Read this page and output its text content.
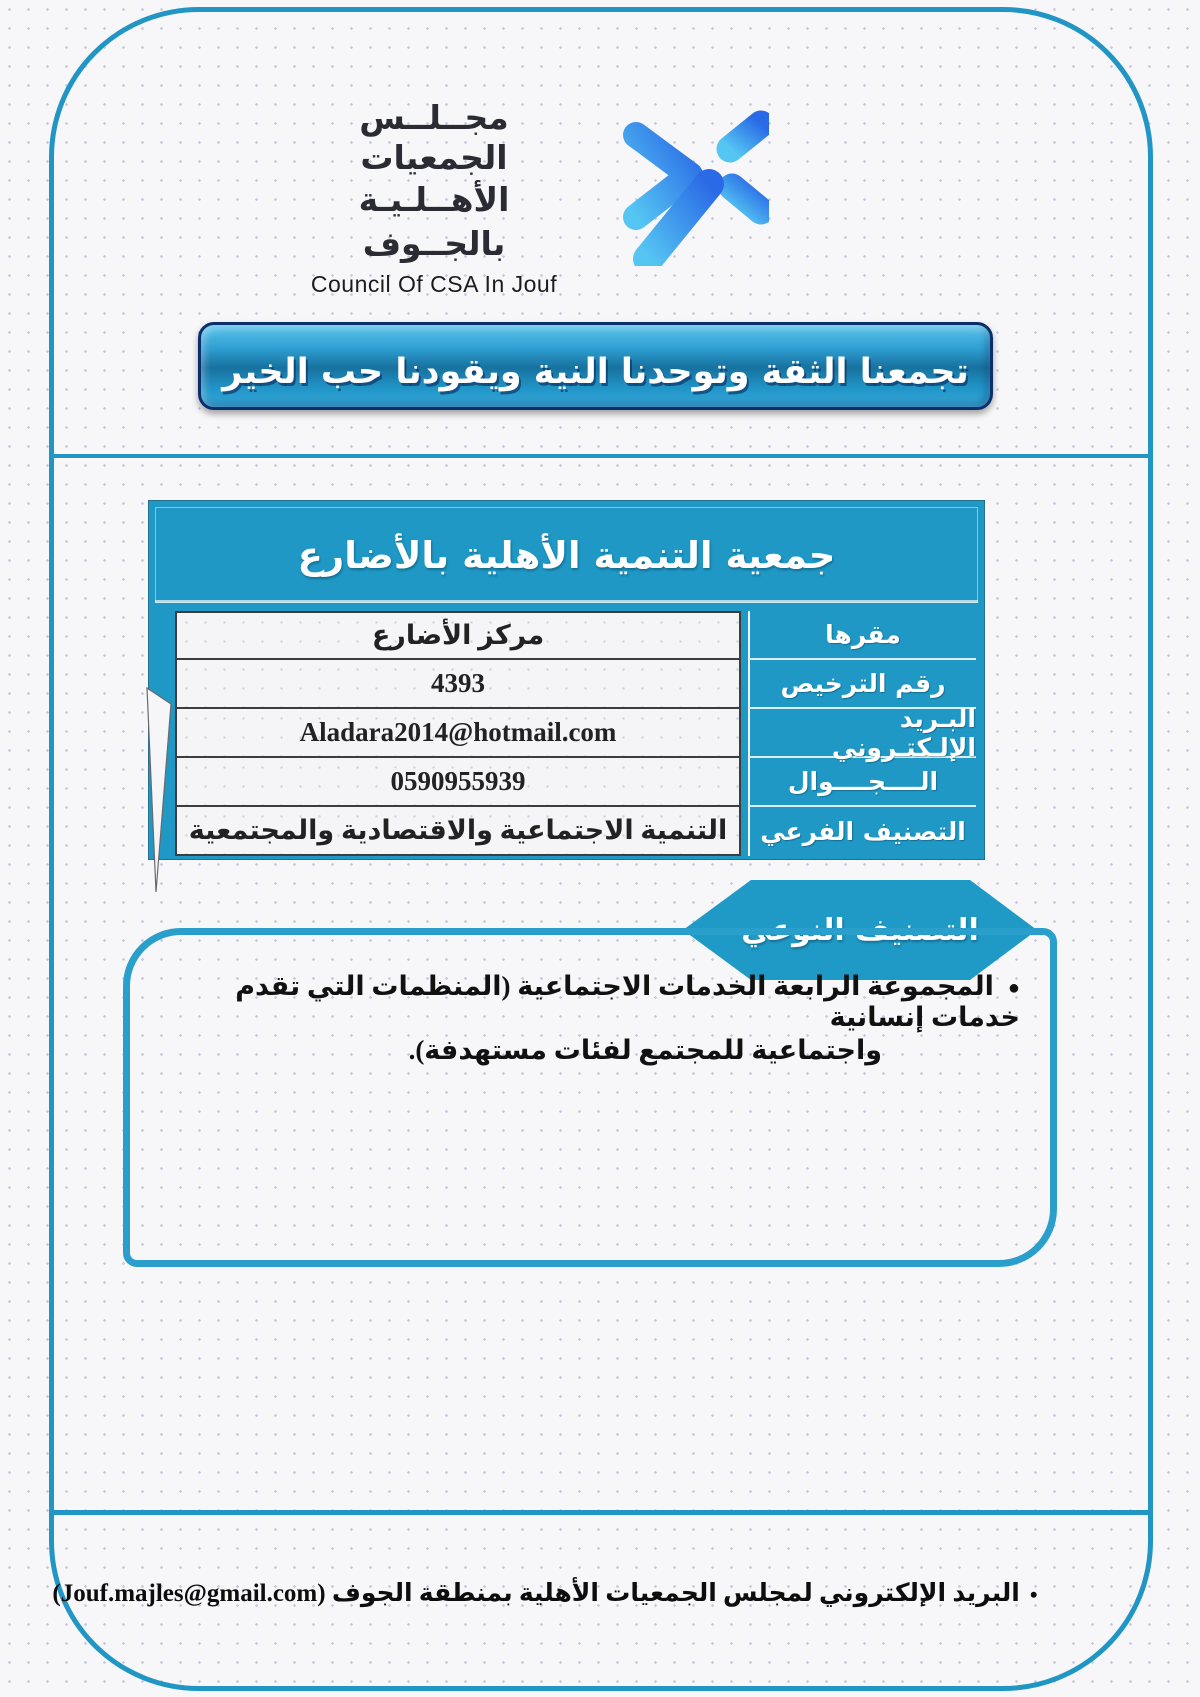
مجــلــس الجمعيات
الأهــلـيـة بالجــوف
Council Of CSA In Jouf
تجمعنا الثقة وتوحدنا النية ويقودنا حب الخير
جمعية التنمية الأهلية بالأضارع
مركز الأضارع	مقرها
4393	رقم الترخيص
Aladara2014@hotmail.com	البـريد الإلـكتـروني
0590955939	الــــجــــوال
التنمية الاجتماعية والاقتصادية والمجتمعية	التصنيف الفرعي
التصنيف النوعي
●المجموعة الرابعة الخدمات الاجتماعية (المنظمات التي تقدم خدمات إنسانية
واجتماعية للمجتمع لفئات مستهدفة).
•البريد الإلكتروني لمجلس الجمعيات الأهلية بمنطقة الجوف (Jouf.majles@gmail.com)
